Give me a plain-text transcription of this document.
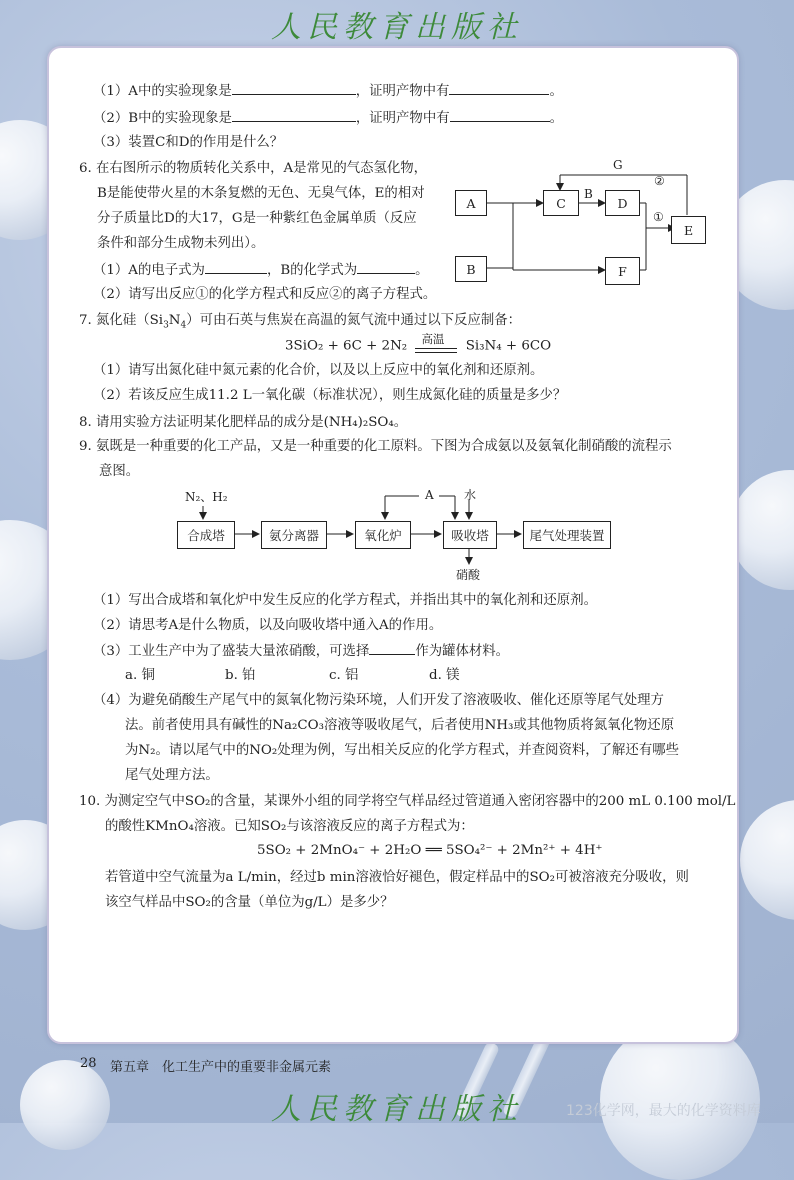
人民教育出版社
（1）A中的实验现象是	，证明产物中有	。
（2）B中的实验现象是	，证明产物中有	。
（3）装置C和D的作用是什么？
6. 在右图所示的物质转化关系中，A是常见的气态氢化物，
B是能使带火星的木条复燃的无色、无臭气体，E的相对
分子质量比D的大17，G是一种紫红色金属单质（反应
条件和部分生成物未列出）。
（1）A的电子式为	，B的化学式为	。
（2）请写出反应①的化学方程式和反应②的离子方程式。
A
B
C	D
E
F
G
B
②
①
7. 氮化硅$(Si_3N_4)$可由石英与焦炭在高温的氮气流中通过以下反应制备：
3SiO₂ + 6C + 2N₂ 高温 Si₃N₄ + 6CO
（1）请写出氮化硅中氮元素的化合价，以及以上反应中的氧化剂和还原剂。
（2）若该反应生成11.2 L一氧化碳（标准状况），则生成氮化硅的质量是多少？
8. 请用实验方法证明某化肥样品的成分是(NH₄)₂SO₄。
9. 氨既是一种重要的化工产品，又是一种重要的化工原料。下图为合成氨以及氨氧化制硝酸的流程示
意图。
N₂、H₂
合成塔	氨分离器	氧化炉	吸收塔	尾气处理装置
A	水
硝酸
（1）写出合成塔和氧化炉中发生反应的化学方程式，并指出其中的氧化剂和还原剂。
（2）请思考A是什么物质，以及向吸收塔中通入A的作用。
（3）工业生产中为了盛装大量浓硝酸，可选择	作为罐体材料。
a. 铜	b. 铂	c. 铝	d. 镁
（4）为避免硝酸生产尾气中的氮氧化物污染环境，人们开发了溶液吸收、催化还原等尾气处理方
法。前者使用具有碱性的Na₂CO₃溶液等吸收尾气，后者使用NH₃或其他物质将氮氧化物还原
为N₂。请以尾气中的NO₂处理为例，写出相关反应的化学方程式，并查阅资料，了解还有哪些
尾气处理方法。
10. 为测定空气中SO₂的含量，某课外小组的同学将空气样品经过管道通入密闭容器中的200 mL 0.100 mol/L
的酸性KMnO₄溶液。已知SO₂与该溶液反应的离子方程式为：
5SO₂ + 2MnO₄⁻ + 2H₂O ══ 5SO₄²⁻ + 2Mn²⁺ + 4H⁺
若管道中空气流量为a L/min，经过b min溶液恰好褪色，假定样品中的SO₂可被溶液充分吸收，则
该空气样品中SO₂的含量（单位为g/L）是多少？
28 第五章 化工生产中的重要非金属元素
人民教育出版社	123化学网，最大的化学资料库
